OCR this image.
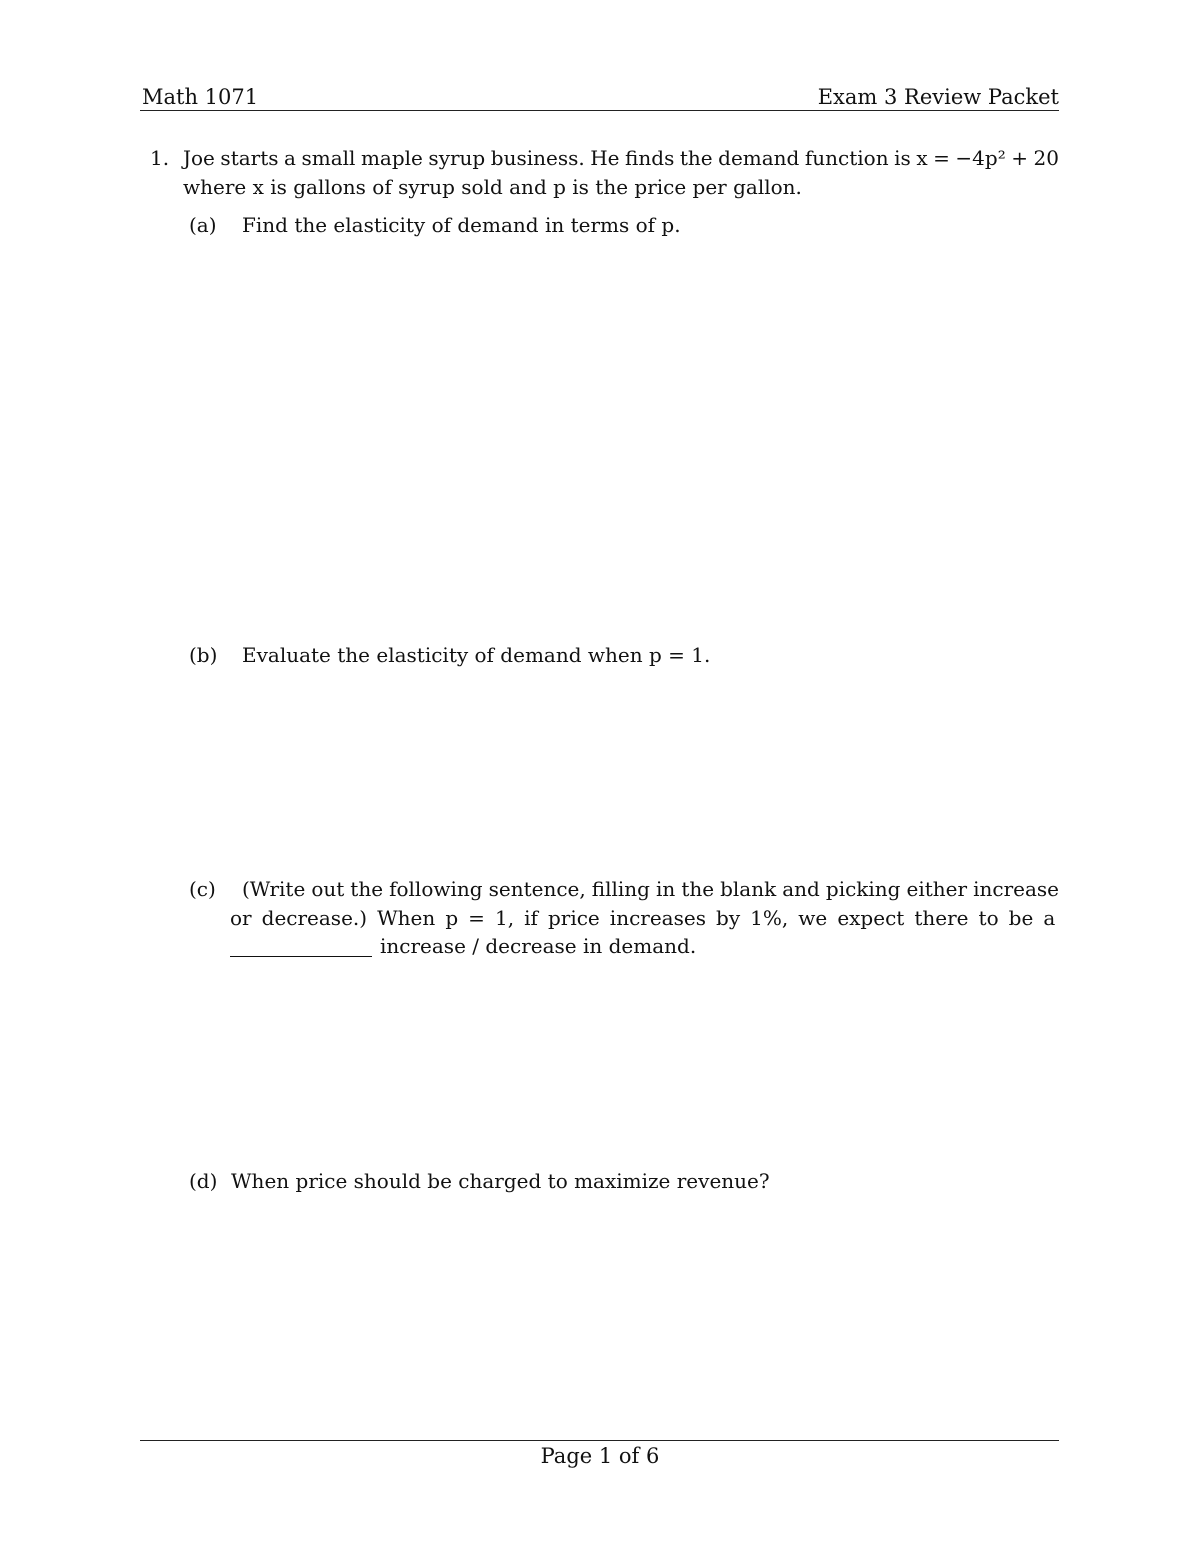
Math 1071	Exam 3 Review Packet
1. Joe starts a small maple syrup business. He finds the demand function is x = −4p² + 20
where x is gallons of syrup sold and p is the price per gallon.
(a) Find the elasticity of demand in terms of p.
(b) Evaluate the elasticity of demand when p = 1.
(c) (Write out the following sentence, filling in the blank and picking either increase
or decrease.) When p = 1, if price increases by 1%, we expect there to be a
increase / decrease in demand.
(d) When price should be charged to maximize revenue?
Page 1 of 6
